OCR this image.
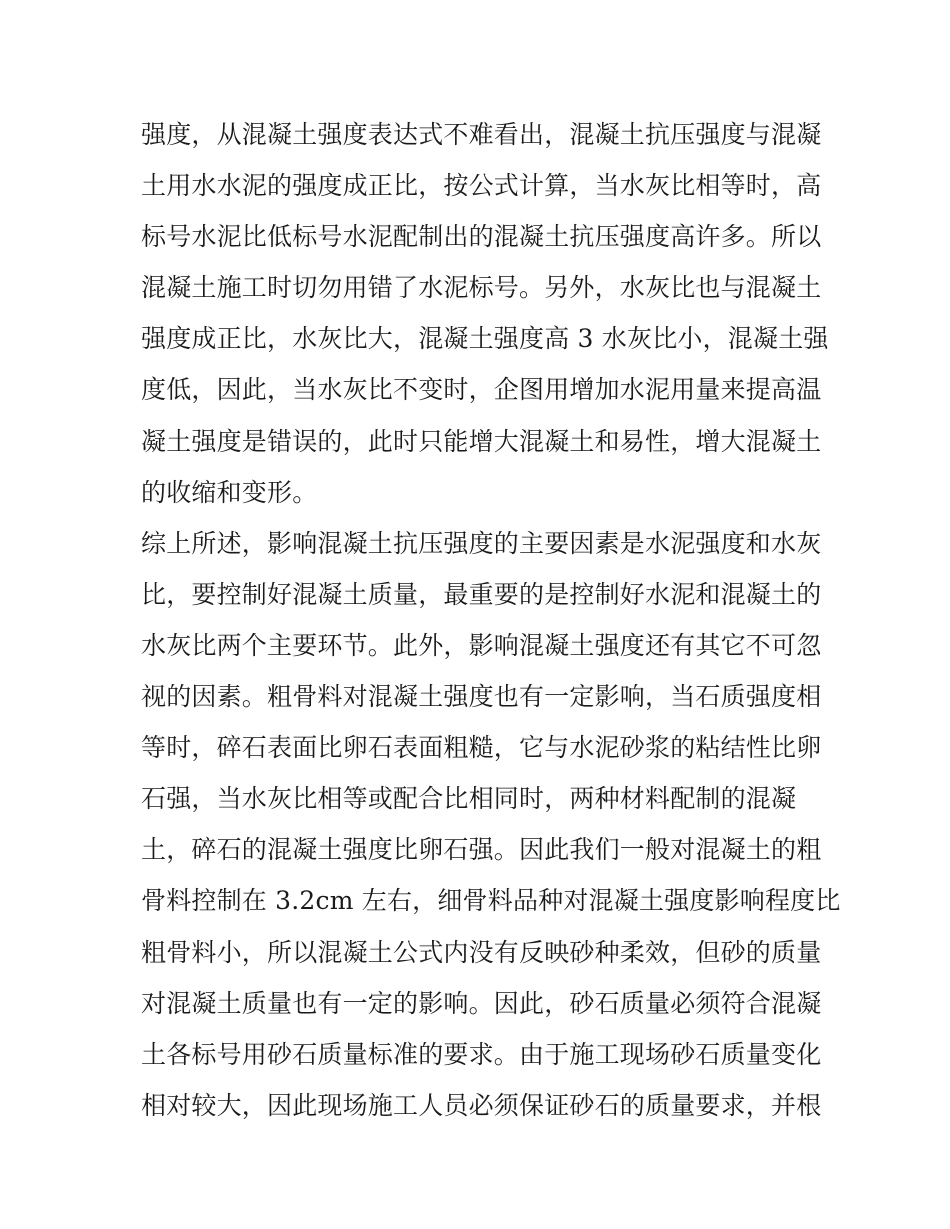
强度，从混凝土强度表达式不难看出，混凝土抗压强度与混凝
土用水水泥的强度成正比，按公式计算，当水灰比相等时，高
标号水泥比低标号水泥配制出的混凝土抗压强度高许多。所以
混凝土施工时切勿用错了水泥标号。另外，水灰比也与混凝土
强度成正比，水灰比大，混凝土强度高 3 水灰比小，混凝土强
度低，因此，当水灰比不变时，企图用增加水泥用量来提高温
凝土强度是错误的，此时只能增大混凝土和易性，增大混凝土
的收缩和变形。
综上所述，影响混凝土抗压强度的主要因素是水泥强度和水灰
比，要控制好混凝土质量，最重要的是控制好水泥和混凝土的
水灰比两个主要环节。此外，影响混凝土强度还有其它不可忽
视的因素。粗骨料对混凝土强度也有一定影响，当石质强度相
等时，碎石表面比卵石表面粗糙，它与水泥砂浆的粘结性比卵
石强，当水灰比相等或配合比相同时，两种材料配制的混凝
土，碎石的混凝土强度比卵石强。因此我们一般对混凝土的粗
骨料控制在 3.2cm 左右，细骨料品种对混凝土强度影响程度比
粗骨料小，所以混凝土公式内没有反映砂种柔效，但砂的质量
对混凝土质量也有一定的影响。因此，砂石质量必须符合混凝
土各标号用砂石质量标准的要求。由于施工现场砂石质量变化
相对较大，因此现场施工人员必须保证砂石的质量要求，并根
